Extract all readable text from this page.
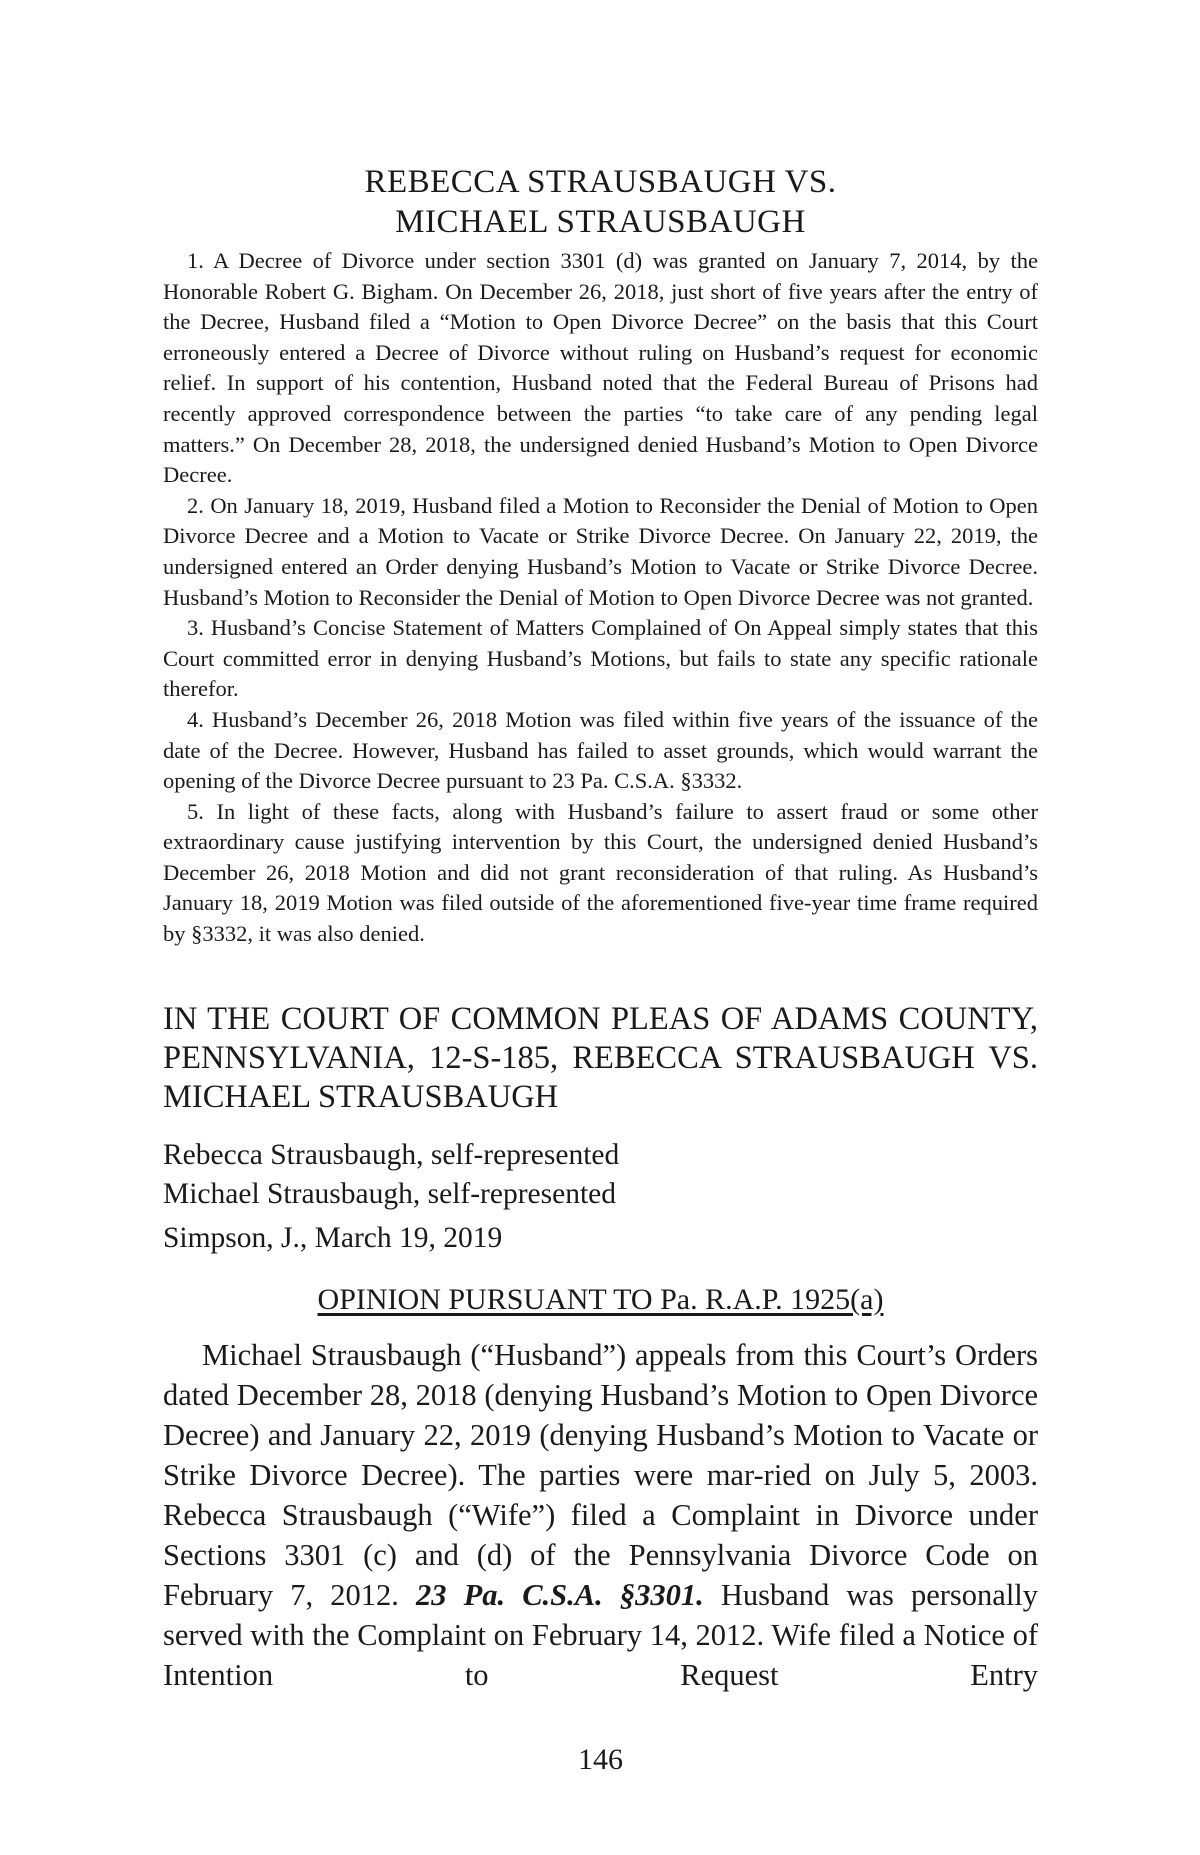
REBECCA STRAUSBAUGH VS.
MICHAEL STRAUSBAUGH

1. A Decree of Divorce under section 3301 (d) was granted on January 7, 2014, by the Honorable Robert G. Bigham. On December 26, 2018, just short of five years after the entry of the Decree, Husband filed a “Motion to Open Divorce Decree” on the basis that this Court erroneously entered a Decree of Divorce without ruling on Husband’s request for economic relief. In support of his contention, Husband noted that the Federal Bureau of Prisons had recently approved correspondence between the parties “to take care of any pending legal matters.” On December 28, 2018, the undersigned denied Husband’s Motion to Open Divorce Decree.

2. On January 18, 2019, Husband filed a Motion to Reconsider the Denial of Motion to Open Divorce Decree and a Motion to Vacate or Strike Divorce Decree. On January 22, 2019, the undersigned entered an Order denying Husband’s Motion to Vacate or Strike Divorce Decree. Husband’s Motion to Reconsider the Denial of Motion to Open Divorce Decree was not granted.

3. Husband’s Concise Statement of Matters Complained of On Appeal simply states that this Court committed error in denying Husband’s Motions, but fails to state any specific rationale therefor.

4. Husband’s December 26, 2018 Motion was filed within five years of the issuance of the date of the Decree. However, Husband has failed to asset grounds, which would warrant the opening of the Divorce Decree pursuant to 23 Pa. C.S.A. §3332.

5. In light of these facts, along with Husband’s failure to assert fraud or some other extraordinary cause justifying intervention by this Court, the undersigned denied Husband’s December 26, 2018 Motion and did not grant reconsideration of that ruling. As Husband’s January 18, 2019 Motion was filed outside of the aforementioned five-year time frame required by §3332, it was also denied.

IN THE COURT OF COMMON PLEAS OF ADAMS COUNTY, PENNSYLVANIA, 12-S-185, REBECCA STRAUSBAUGH VS. MICHAEL STRAUSBAUGH
Rebecca Strausbaugh, self-represented
Michael Strausbaugh, self-represented
Simpson, J., March 19, 2019
OPINION PURSUANT TO Pa. R.A.P. 1925(a)

Michael Strausbaugh (“Husband”) appeals from this Court’s Orders dated December 28, 2018 (denying Husband’s Motion to Open Divorce Decree) and January 22, 2019 (denying Husband’s Motion to Vacate or Strike Divorce Decree). The parties were mar-ried on July 5, 2003. Rebecca Strausbaugh (“Wife”) filed a Complaint in Divorce under Sections 3301 (c) and (d) of the Pennsylvania Divorce Code on February 7, 2012. 23 Pa. C.S.A. §3301. Husband was personally served with the Complaint on February 14, 2012. Wife filed a Notice of Intention to Request Entry

146
